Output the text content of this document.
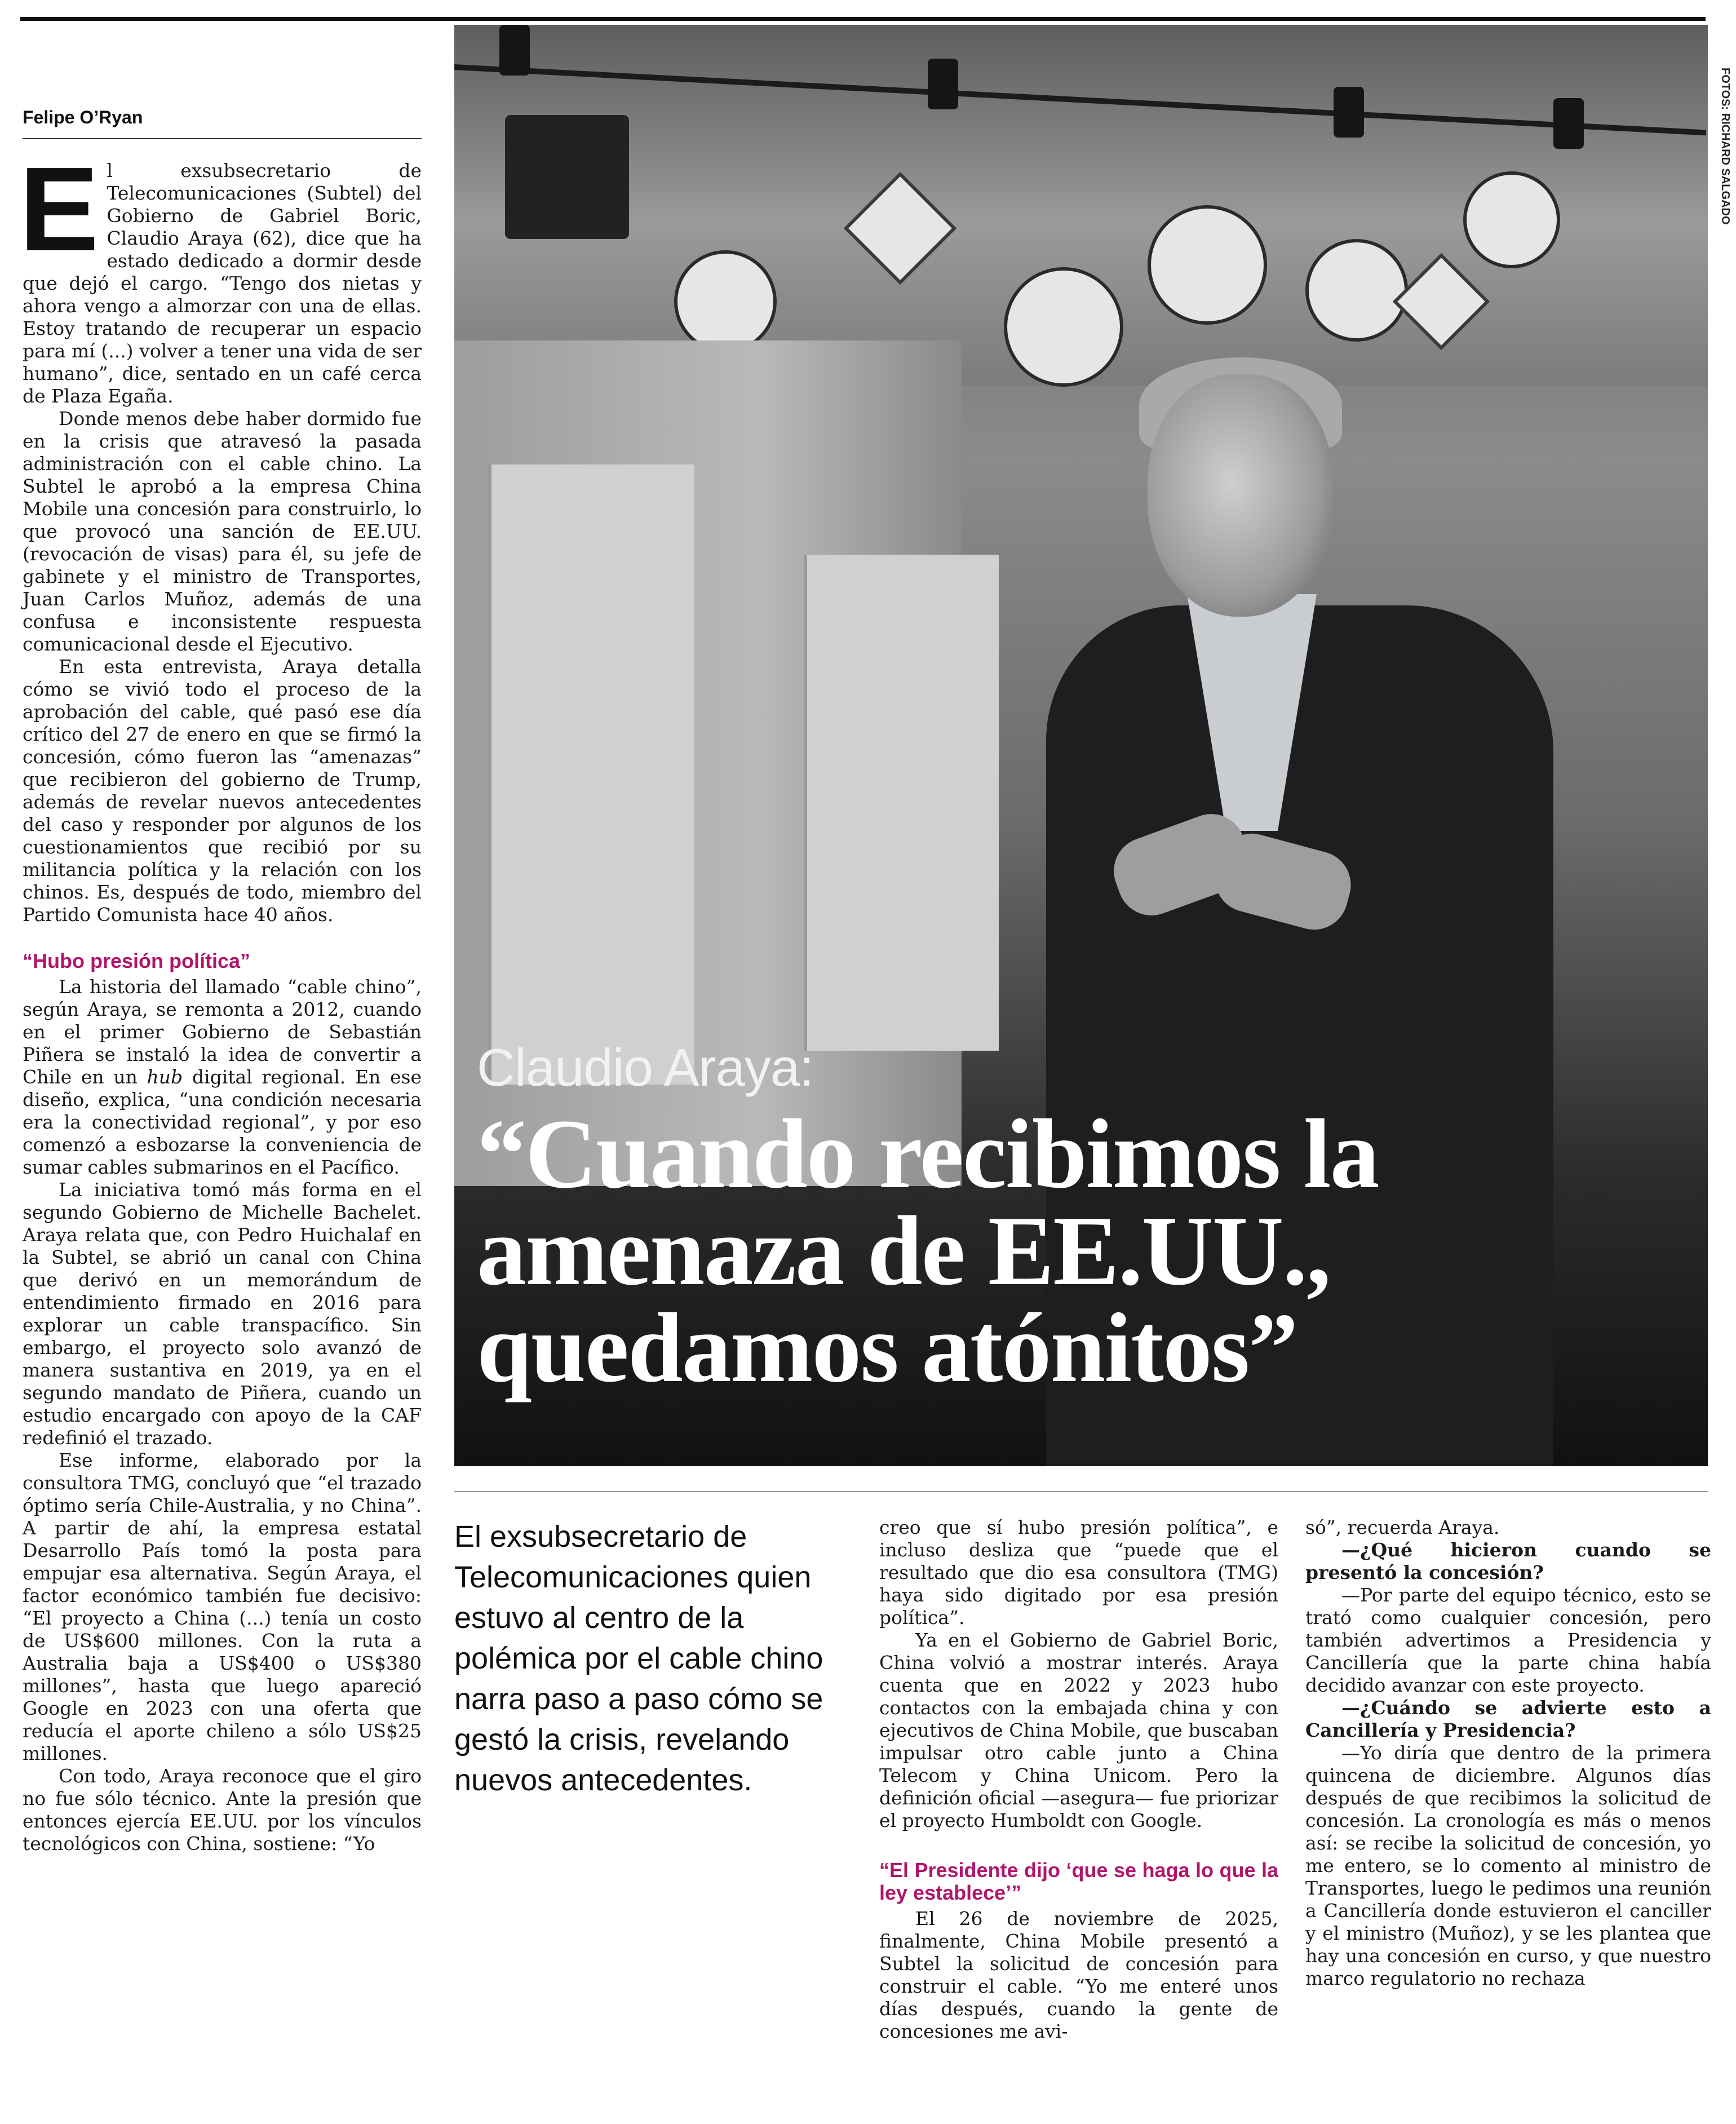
Felipe O’Ryan

El exsubsecretario de Telecomunicaciones (Subtel) del Gobierno de Gabriel Boric, Claudio Araya (62), dice que ha estado dedicado a dormir desde que dejó el cargo. “Tengo dos nietas y ahora vengo a almorzar con una de ellas. Estoy tratando de recuperar un espacio para mí (...) volver a tener una vida de ser humano”, dice, sentado en un café cerca de Plaza Egaña.

Donde menos debe haber dormido fue en la crisis que atravesó la pasada administración con el cable chino. La Subtel le aprobó a la empresa China Mobile una concesión para construirlo, lo que provocó una sanción de EE.UU. (revocación de visas) para él, su jefe de gabinete y el ministro de Transportes, Juan Carlos Muñoz, además de una confusa e inconsistente respuesta comunicacional desde el Ejecutivo.

En esta entrevista, Araya detalla cómo se vivió todo el proceso de la aprobación del cable, qué pasó ese día crítico del 27 de enero en que se firmó la concesión, cómo fueron las “amenazas” que recibieron del gobierno de Trump, además de revelar nuevos antecedentes del caso y responder por algunos de los cuestionamientos que recibió por su militancia política y la relación con los chinos. Es, después de todo, miembro del Partido Comunista hace 40 años.

“Hubo presión política”

La historia del llamado “cable chino”, según Araya, se remonta a 2012, cuando en el primer Gobierno de Sebastián Piñera se instaló la idea de convertir a Chile en un hub digital regional. En ese diseño, explica, “una condición necesaria era la conectividad regional”, y por eso comenzó a esbozarse la conveniencia de sumar cables submarinos en el Pacífico.

La iniciativa tomó más forma en el segundo Gobierno de Michelle Bachelet. Araya relata que, con Pedro Huichalaf en la Subtel, se abrió un canal con China que derivó en un memorándum de entendimiento firmado en 2016 para explorar un cable transpacífico. Sin embargo, el proyecto solo avanzó de manera sustantiva en 2019, ya en el segundo mandato de Piñera, cuando un estudio encargado con apoyo de la CAF redefinió el trazado.

Ese informe, elaborado por la consultora TMG, concluyó que “el trazado óptimo sería Chile-Australia, y no China”. A partir de ahí, la empresa estatal Desarrollo País tomó la posta para empujar esa alternativa. Según Araya, el factor económico también fue decisivo: “El proyecto a China (...) tenía un costo de US$600 millones. Con la ruta a Australia baja a US$400 o US$380 millones”, hasta que luego apareció Google en 2023 con una oferta que reducía el aporte chileno a sólo US$25 millones.

Con todo, Araya reconoce que el giro no fue sólo técnico. Ante la presión que entonces ejercía EE.UU. por los vínculos tecnológicos con China, sostiene: “Yo

FOTOS: RICHARD SALGADO
Claudio Araya:
“Cuando recibimos la amenaza de EE.UU., quedamos atónitos”
El exsubsecretario de Telecomunicaciones quien estuvo al centro de la polémica por el cable chino narra paso a paso cómo se gestó la crisis, revelando nuevos antecedentes.

creo que sí hubo presión política”, e incluso desliza que “puede que el resultado que dio esa consultora (TMG) haya sido digitado por esa presión política”.

Ya en el Gobierno de Gabriel Boric, China volvió a mostrar interés. Araya cuenta que en 2022 y 2023 hubo contactos con la embajada china y con ejecutivos de China Mobile, que buscaban impulsar otro cable junto a China Telecom y China Unicom. Pero la definición oficial —asegura— fue priorizar el proyecto Humboldt con Google.

“El Presidente dijo ‘que se haga lo que la ley establece’”

El 26 de noviembre de 2025, finalmente, China Mobile presentó a Subtel la solicitud de concesión para construir el cable. “Yo me enteré unos días después, cuando la gente de concesiones me avi-

só”, recuerda Araya.

—¿Qué hicieron cuando se presentó la concesión?

—Por parte del equipo técnico, esto se trató como cualquier concesión, pero también advertimos a Presidencia y Cancillería que la parte china había decidido avanzar con este proyecto.

—¿Cuándo se advierte esto a Cancillería y Presidencia?

—Yo diría que dentro de la primera quincena de diciembre. Algunos días después de que recibimos la solicitud de concesión. La cronología es más o menos así: se recibe la solicitud de concesión, yo me entero, se lo comento al ministro de Transportes, luego le pedimos una reunión a Cancillería donde estuvieron el canciller y el ministro (Muñoz), y se les plantea que hay una concesión en curso, y que nuestro marco regulatorio no rechaza
